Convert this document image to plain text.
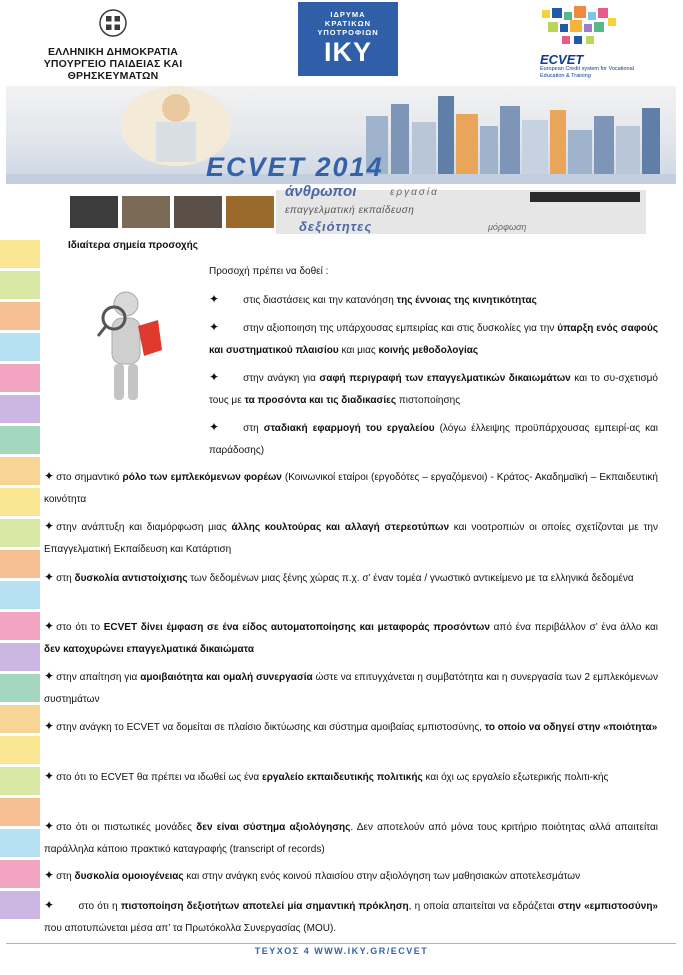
ΕΛΛΗΝΙΚΗ ΔΗΜΟΚΡΑΤΙΑ
ΥΠΟΥΡΓΕΙΟ ΠΑΙΔΕΙΑΣ ΚΑΙ
ΘΡΗΣΚΕΥΜΑΤΩΝ
ΙΔΡΥΜΑ
ΚΡΑΤΙΚΩΝ
ΥΠΟΤΡΟΦΙΩΝ
IKY	ECVET
European Credit system for Vocational Education & Training
ECVET 2014
άνθρωποι	εργασία
επαγγελματική εκπαίδευση
δεξιότητες	μόρφωση
Ιδιαίτερα σημεία προσοχής
Προσοχή πρέπει να δοθεί :
✦ στις διαστάσεις και την κατανόηση της έννοιας της κινητικότητας
✦ στην αξιοποιηση της υπάρχουσας εμπειρίας και στις δυσκολίες για την ύπαρξη ενός σαφούς και συστηματικού πλαισίου και μιας κοινής μεθοδολογίας
✦ στην ανάγκη για σαφή περιγραφή των επαγγελματικών δικαιωμάτων και το συ-σχετισμό τους με τα προσόντα και τις διαδικασίες πιστοποίησης
✦ στη σταδιακή εφαρμογή του εργαλείου (λόγω έλλειψης προϋπάρχουσας εμπειρί-ας και παράδοσης)
✦ στο σημαντικό ρόλο των εμπλεκόμενων φορέων (Κοινωνικοί εταίροι (εργοδότες – εργαζόμενοι) - Κράτος- Ακαδημαϊκή – Εκπαιδευτική κοινότητα
✦ στην ανάπτυξη και διαμόρφωση μιας άλλης κουλτούρας και αλλαγή στερεοτύπων και νοοτροπιών οι οποίες σχετίζονται με την Επαγγελματική Εκπαίδευση και Κατάρτιση
✦ στη δυσκολία αντιστοίχισης των δεδομένων μιας ξένης χώρας π.χ. σ’ έναν τομέα / γνωστικό αντικείμενο με τα ελληνικά δεδομένα
✦ στο ότι το ECVET δίνει έμφαση σε ένα είδος αυτοματοποίησης και μεταφοράς προσόντων από ένα περιβάλλον σ’ ένα άλλο και δεν κατοχυρώνει επαγγελματικά δικαιώματα
✦ στην απαίτηση για αμοιβαιότητα και ομαλή συνεργασία ώστε να επιτυγχάνεται η συμβατότητα και η συνεργασία των 2 εμπλεκόμενων συστημάτων
✦ στην ανάγκη το ECVET να δομείται σε πλαίσιο δικτύωσης και σύστημα αμοιβαίας εμπιστοσύνης, το οποίο να οδηγεί στην «ποιότητα»
✦ στο ότι το ECVET θα πρέπει να ιδωθεί ως ένα εργαλείο εκπαιδευτικής πολιτικής και όχι ως εργαλείο εξωτερικής πολιτι-κής
✦ στο ότι οι πιστωτικές μονάδες δεν είναι σύστημα αξιολόγησης. Δεν αποτελούν από μόνα τους κριτήριο ποιότητας αλλά απαιτείται παράλληλα κάποιο πρακτικό καταγραφής (transcript of records)
✦ στη δυσκολία ομοιογένειας και στην ανάγκη ενός κοινού πλαισίου στην αξιολόγηση των μαθησιακών αποτελεσμάτων
✦       στο ότι η πιστοποίηση δεξιοτήτων αποτελεί μία σημαντική πρόκληση, η οποία απαιτείται να εδράζεται στην «εμπιστοσύνη» που αποτυπώνεται μέσα απ’ τα Πρωτόκολλα Συνεργασίας (MOU).
ΤΕΥΧΟΣ 4 WWW.IKY.GR/ECVET
